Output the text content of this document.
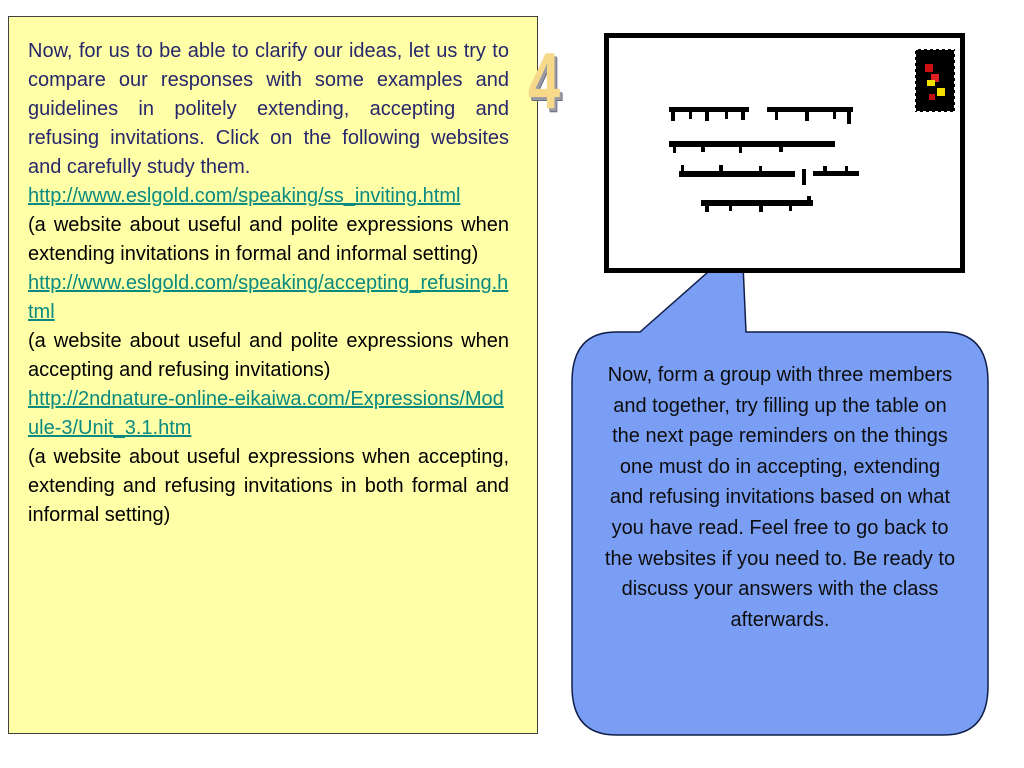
Now, for us to be able to clarify our ideas, let us try to compare our responses with some examples and guidelines in politely extending, accepting and refusing invitations. Click on the following websites and carefully study them.

http://www.eslgold.com/speaking/ss_inviting.html

(a website about useful and polite expressions when extending invitations in formal and informal setting)

http://www.eslgold.com/speaking/accepting_refusing.html

(a website about useful and polite expressions when accepting and refusing invitations)

http://2ndnature-online-eikaiwa.com/Expressions/Module-3/Unit_3.1.htm

(a website about useful expressions when accepting, extending and refusing invitations in both formal and informal setting)

4
Now, form a group with three members and together, try filling up the table on the next page reminders on the things one must do in accepting, extending and refusing invitations based on what you have read. Feel free to go back to the websites if you need to. Be ready to discuss your answers with the class afterwards.
